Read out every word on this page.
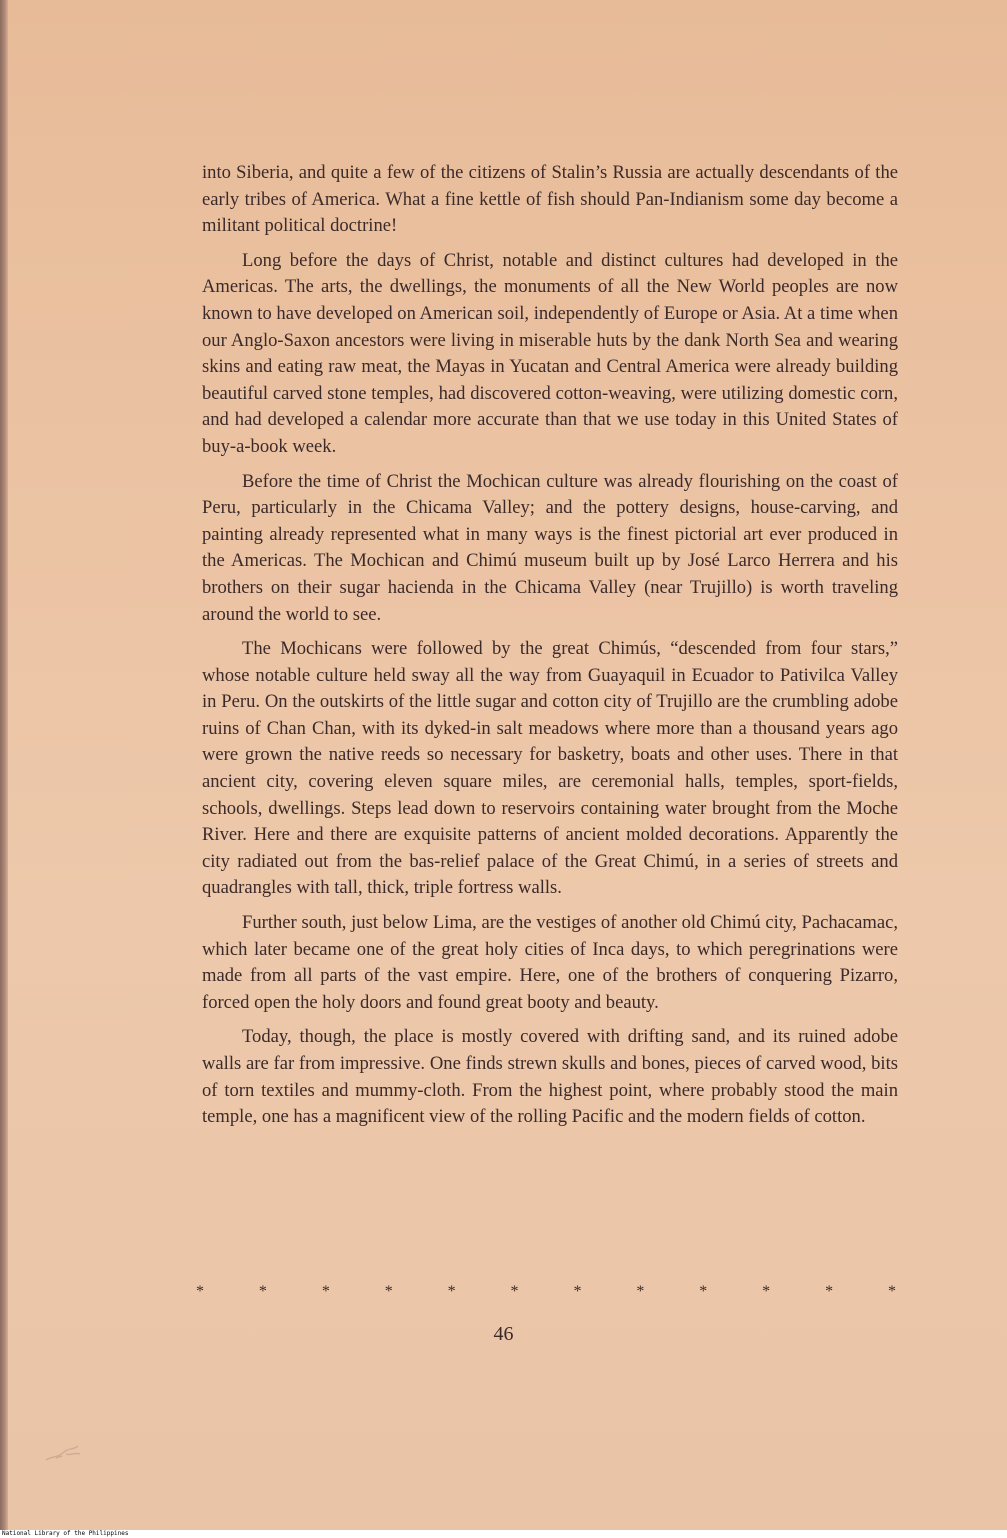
into Siberia, and quite a few of the citizens of Stalin’s Russia are actually descendants of the early tribes of America. What a fine kettle of fish should Pan-Indianism some day become a militant political doctrine!

Long before the days of Christ, notable and distinct cultures had developed in the Americas. The arts, the dwellings, the monuments of all the New World peoples are now known to have developed on American soil, independently of Europe or Asia. At a time when our Anglo-Saxon ancestors were living in miserable huts by the dank North Sea and wearing skins and eating raw meat, the Mayas in Yucatan and Central America were already building beautiful carved stone temples, had discovered cotton-weaving, were utilizing domestic corn, and had developed a calendar more accurate than that we use today in this United States of buy-a-book week.

Before the time of Christ the Mochican culture was already flourishing on the coast of Peru, particularly in the Chicama Valley; and the pottery designs, house-carving, and painting already represented what in many ways is the finest pictorial art ever produced in the Americas. The Mochican and Chimú museum built up by José Larco Herrera and his brothers on their sugar hacienda in the Chicama Valley (near Trujillo) is worth traveling around the world to see.

The Mochicans were followed by the great Chimús, “descended from four stars,” whose notable culture held sway all the way from Guayaquil in Ecuador to Pativilca Valley in Peru. On the outskirts of the little sugar and cotton city of Trujillo are the crumbling adobe ruins of Chan Chan, with its dyked-in salt meadows where more than a thousand years ago were grown the native reeds so necessary for basketry, boats and other uses. There in that ancient city, covering eleven square miles, are ceremonial halls, temples, sport-fields, schools, dwellings. Steps lead down to reservoirs containing water brought from the Moche River. Here and there are exquisite patterns of ancient molded decorations. Apparently the city radiated out from the bas-relief palace of the Great Chimú, in a series of streets and quadrangles with tall, thick, triple fortress walls.

Further south, just below Lima, are the vestiges of another old Chimú city, Pachacamac, which later became one of the great holy cities of Inca days, to which peregrinations were made from all parts of the vast empire. Here, one of the brothers of conquering Pizarro, forced open the holy doors and found great booty and beauty.

Today, though, the place is mostly covered with drifting sand, and its ruined adobe walls are far from impressive. One finds strewn skulls and bones, pieces of carved wood, bits of torn textiles and mummy-cloth. From the highest point, where probably stood the main temple, one has a magnificent view of the rolling Pacific and the modern fields of cotton.

*	*	*	*	*	*	*	*	*	*	*	*
46
National Library of the Philippines
